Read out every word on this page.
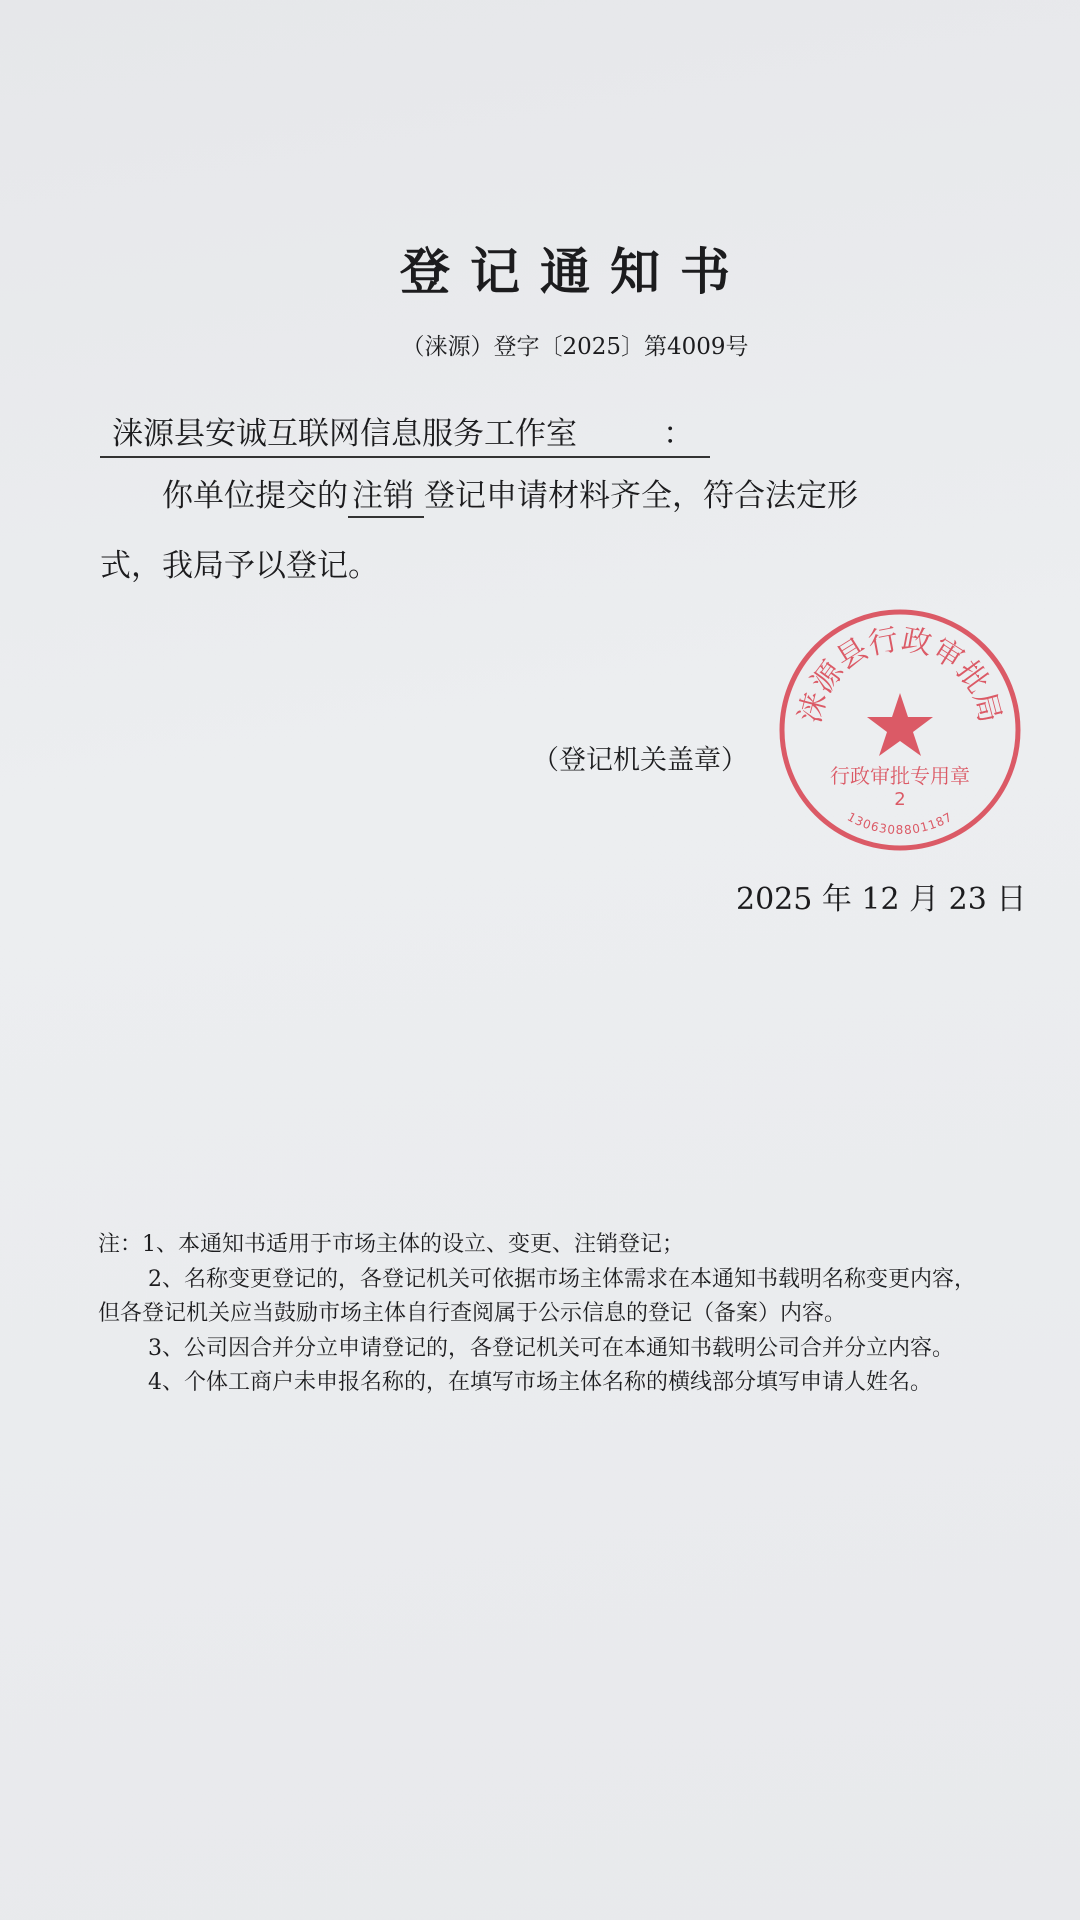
登记通知书
（涞源）登字〔2025〕第4009号
涞源县安诚互联网信息服务工作室	：
你单位提交的 注销 登记申请材料齐全，符合法定形
式，我局予以登记。
涞源县行政审批局
行政审批专用章
2
1306308801187
（登记机关盖章）
2025 年 12 月 23 日
注：1、本通知书适用于市场主体的设立、变更、注销登记；
2、名称变更登记的，各登记机关可依据市场主体需求在本通知书载明名称变更内容，
但各登记机关应当鼓励市场主体自行查阅属于公示信息的登记（备案）内容。
3、公司因合并分立申请登记的，各登记机关可在本通知书载明公司合并分立内容。
4、个体工商户未申报名称的，在填写市场主体名称的横线部分填写申请人姓名。
